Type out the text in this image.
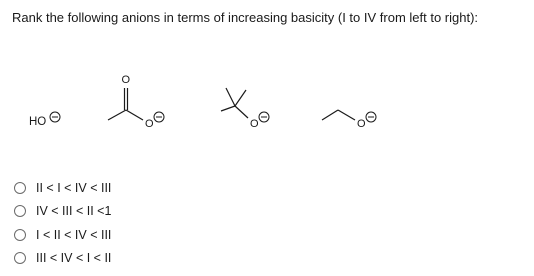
Rank the following anions in terms of increasing basicity (I to IV from left to right):
HO
O
O	O	O
II < I < IV < III
IV < III < II <1
I < II < IV < III
III < IV < I < II
